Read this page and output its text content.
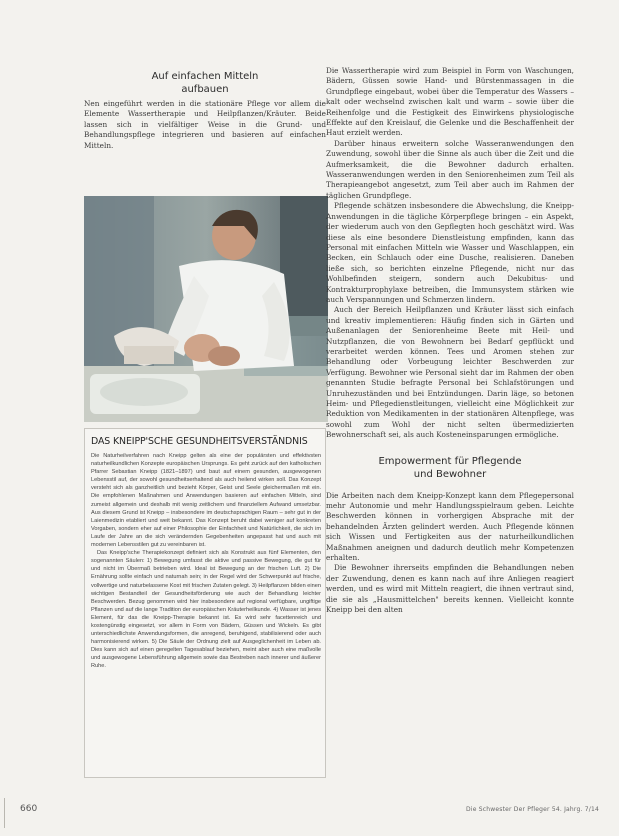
Auf einfachen Mitteln
aufbauen
Nen eingeführt werden in die stationäre Pflege vor allem die Elemente Wassertherapie und Heilpflanzen/Kräuter. Beide lassen sich in vielfältiger Weise in die Grund- und Behandlungspflege integrieren und basieren auf einfachen Mitteln.
DAS KNEIPP'SCHE GESUNDHEITSVERSTÄNDNIS

Die Naturheilverfahren nach Kneipp gelten als eine der populärsten und effektivsten naturheilkundlichen Konzepte europäischen Ursprungs. Es geht zurück auf den katholischen Pfarrer Sebastian Kneipp (1821–1897) und baut auf einem gesunden, ausgewogenen Lebensstil auf, der sowohl gesundheitserhaltend als auch heilend wirken soll. Das Konzept versteht sich als ganzheitlich und bezieht Körper, Geist und Seele gleichermaßen mit ein. Die empfohlenen Maßnahmen und Anwendungen basieren auf einfachen Mitteln, sind zumeist allgemein und deshalb mit wenig zeitlichem und finanziellem Aufwand umsetzbar. Aus diesem Grund ist Kneipp – insbesondere im deutschsprachigen Raum – sehr gut in der Laienmedizin etabliert und weit bekannt. Das Konzept beruht dabei weniger auf konkreten Vorgaben, sondern eher auf einer Philosophie der Einfachheit und Natürlichkeit, die sich im Laufe der Jahre an die sich verändernden Gegebenheiten angepasst hat und auch mit modernen Lebensstilen gut zu vereinbaren ist.

Das Kneipp'sche Therapiekonzept definiert sich als Konstrukt aus fünf Elementen, den sogenannten Säulen: 1) Bewegung umfasst die aktive und passive Bewegung, die gut für und nicht im Übermaß betrieben wird. Ideal ist Bewegung an der frischen Luft. 2) Die Ernährung sollte einfach und naturnah sein; in der Regel wird der Schwerpunkt auf frische, vollwertige und naturbelassene Kost mit frischen Zutaten gelegt. 3) Heilpflanzen bilden einen wichtigen Bestandteil der Gesundheitsförderung wie auch der Behandlung leichter Beschwerden. Bezug genommen wird hier insbesondere auf regional verfügbare, ungiftige Pflanzen und auf die lange Tradition der europäischen Kräuterheilkunde. 4) Wasser ist jenes Element, für das die Kneipp-Therapie bekannt ist. Es wird sehr facettenreich und kostengünstig eingesetzt, vor allem in Form von Bädern, Güssen und Wickeln. Es gibt unterschiedlichste Anwendungsformen, die anregend, beruhigend, stabilisierend oder auch harmonisierend wirken. 5) Die Säule der Ordnung zielt auf Ausgeglichenheit im Leben ab. Dies kann sich auf einen geregelten Tagesablauf beziehen, meint aber auch eine maßvolle und ausgewogene Lebensführung allgemein sowie das Bestreben nach innerer und äußerer Ruhe.

Die Wassertherapie wird zum Beispiel in Form von Waschungen, Bädern, Güssen sowie Hand- und Bürstenmassagen in die Grundpflege eingebaut, wobei über die Temperatur des Wassers – kalt oder wechselnd zwischen kalt und warm – sowie über die Reihenfolge und die Festigkeit des Einwirkens physiologische Effekte auf den Kreislauf, die Gelenke und die Beschaffenheit der Haut erzielt werden.

Darüber hinaus erweitern solche Wasseranwendungen den Zuwendung, sowohl über die Sinne als auch über die Zeit und die Aufmerksamkeit, die die Bewohner dadurch erhalten. Wasseranwendungen werden in den Seniorenheimen zum Teil als Therapieangebot angesetzt, zum Teil aber auch im Rahmen der täglichen Grundpflege.

Pflegende schätzen insbesondere die Abwechslung, die Kneipp-Anwendungen in die tägliche Körperpflege bringen – ein Aspekt, der wiederum auch von den Gepflegten hoch geschätzt wird. Was diese als eine besondere Dienstleistung empfinden, kann das Personal mit einfachen Mitteln wie Wasser und Waschlappen, ein Becken, ein Schlauch oder eine Dusche, realisieren. Daneben ließe sich, so berichten einzelne Pflegende, nicht nur das Wohlbefinden steigern, sondern auch Dekubitus- und Kontrakturprophylaxe betreiben, die Immunsystem stärken wie auch Verspannungen und Schmerzen lindern.

Auch der Bereich Heilpflanzen und Kräuter lässt sich einfach und kreativ implementieren: Häufig finden sich in Gärten und Außenanlagen der Seniorenheime Beete mit Heil- und Nutzpflanzen, die von Bewohnern bei Bedarf gepflückt und verarbeitet werden können. Tees und Aromen stehen zur Behandlung oder Vorbeugung leichter Beschwerden zur Verfügung. Bewohner wie Personal sieht dar im Rahmen der oben genannten Studie befragte Personal bei Schlafstörungen und Unruhezuständen und bei Entzündungen. Darin läge, so betonen Heim- und Pflegedienstleitungen, vielleicht eine Möglichkeit zur Reduktion von Medikamenten in der stationären Altenpflege, was sowohl zum Wohl der nicht selten übermedizierten Bewohnerschaft sei, als auch Kosteneinsparungen ermögliche.

Empowerment für Pflegende
und Bewohner

Die Arbeiten nach dem Kneipp-Konzept kann dem Pflegepersonal mehr Autonomie und mehr Handlungsspielraum geben. Leichte Beschwerden können in vorhergigen Absprache mit der behandelnden Ärzten gelindert werden. Auch Pflegende können sich Wissen und Fertigkeiten aus der naturheilkundlichen Maßnahmen aneignen und dadurch deutlich mehr Kompetenzen erhalten.

Die Bewohner ihrerseits empfinden die Behandlungen neben der Zuwendung, denen es kann nach auf ihre Anliegen reagiert werden, und es wird mit Mitteln reagiert, die ihnen vertraut sind, die sie als „Hausmittelchen" bereits kennen. Vielleicht konnte Kneipp bei den alten

660	Die Schwester Der Pfleger 54. Jahrg. 7/14
